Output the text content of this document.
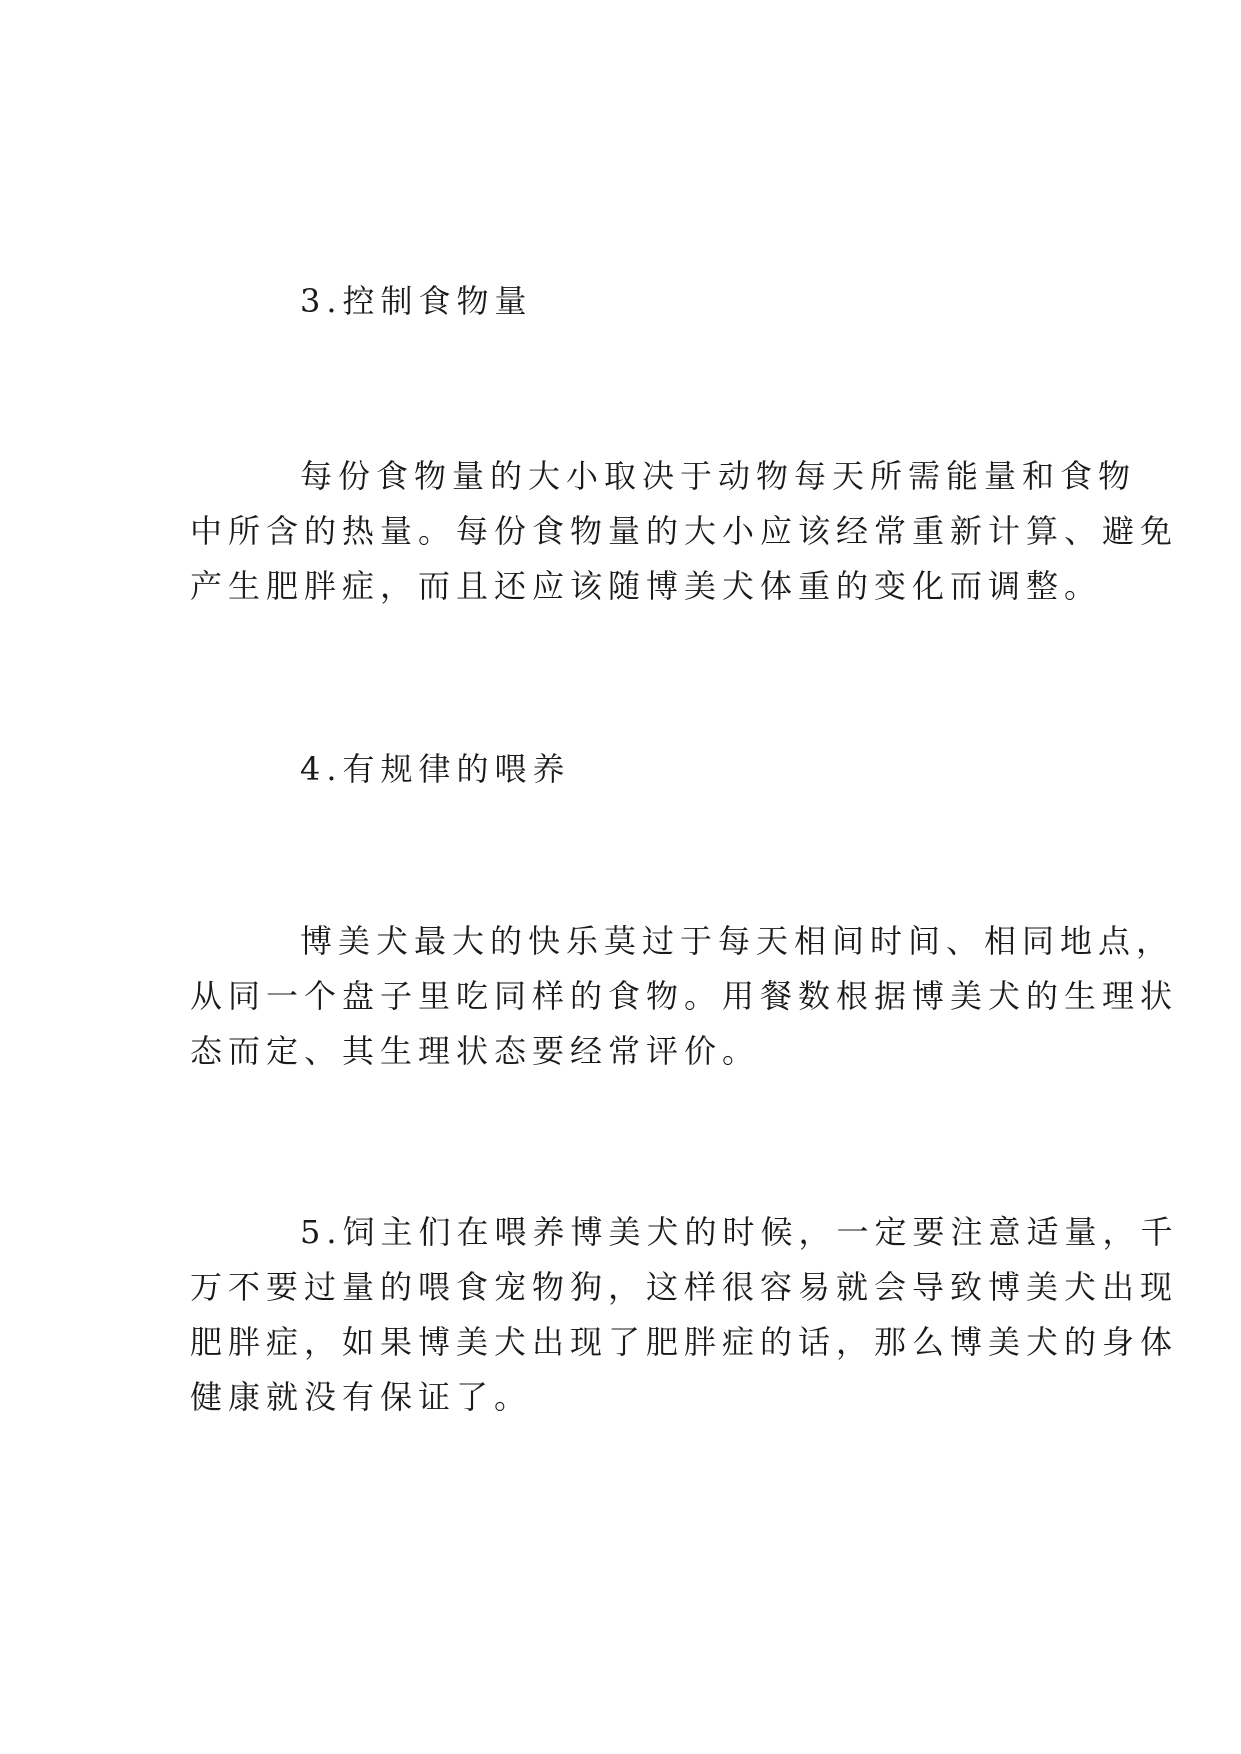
3.控制食物量
每份食物量的大小取决于动物每天所需能量和食物
中所含的热量。每份食物量的大小应该经常重新计算、避免
产生肥胖症，而且还应该随博美犬体重的变化而调整。
4.有规律的喂养
博美犬最大的快乐莫过于每天相间时间、相同地点，
从同一个盘子里吃同样的食物。用餐数根据博美犬的生理状
态而定、其生理状态要经常评价。
5.饲主们在喂养博美犬的时候，一定要注意适量，千
万不要过量的喂食宠物狗，这样很容易就会导致博美犬出现
肥胖症，如果博美犬出现了肥胖症的话，那么博美犬的身体
健康就没有保证了。
